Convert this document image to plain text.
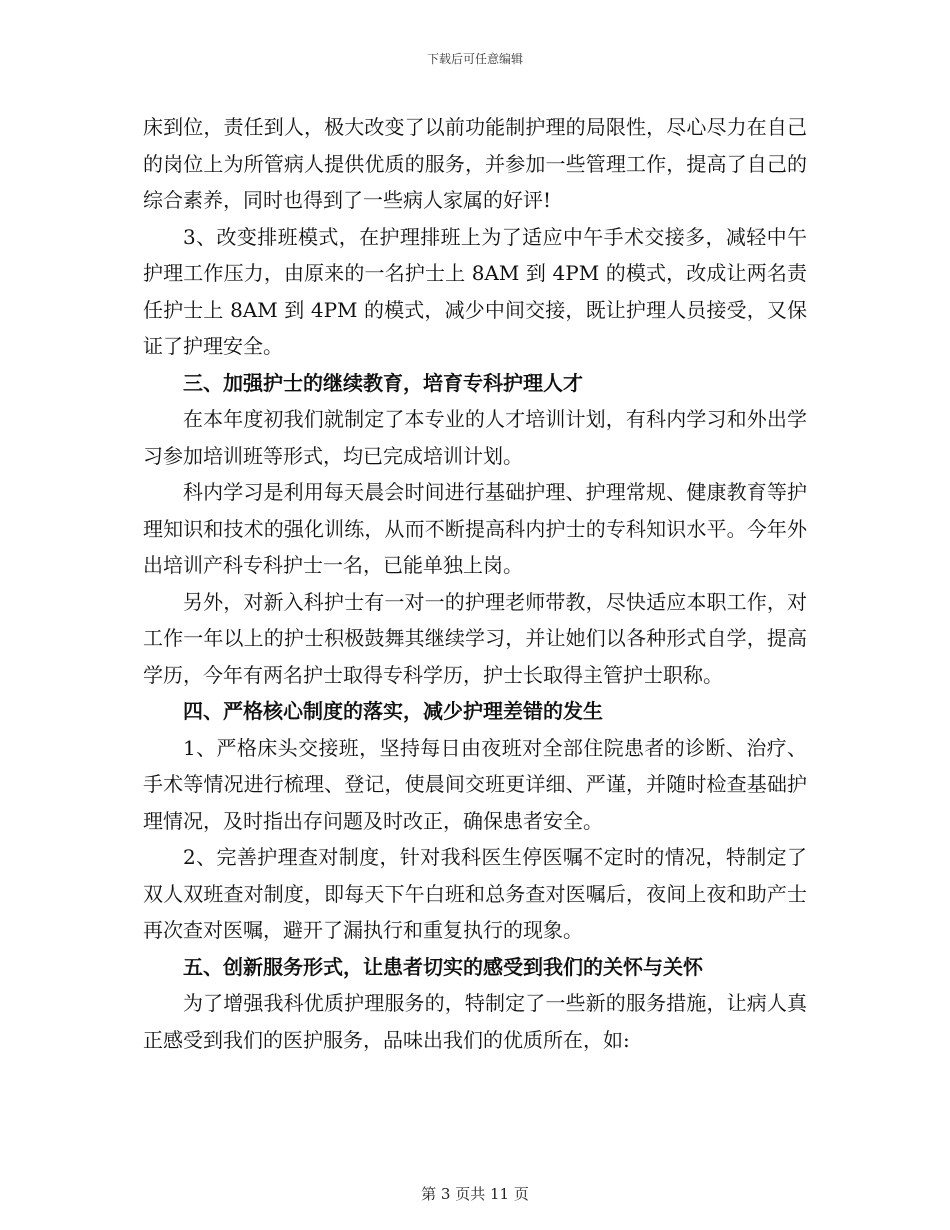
下载后可任意编辑

床到位，责任到人，极大改变了以前功能制护理的局限性，尽心尽力在自己的岗位上为所管病人提供优质的服务，并参加一些管理工作，提高了自己的综合素养，同时也得到了一些病人家属的好评!

3、改变排班模式，在护理排班上为了适应中午手术交接多，减轻中午护理工作压力，由原来的一名护士上 8AM 到 4PM 的模式，改成让两名责任护士上 8AM 到 4PM 的模式，减少中间交接，既让护理人员接受，又保证了护理安全。

三、加强护士的继续教育，培育专科护理人才

在本年度初我们就制定了本专业的人才培训计划，有科内学习和外出学习参加培训班等形式，均已完成培训计划。

科内学习是利用每天晨会时间进行基础护理、护理常规、健康教育等护理知识和技术的强化训练，从而不断提高科内护士的专科知识水平。今年外出培训产科专科护士一名，已能单独上岗。

另外，对新入科护士有一对一的护理老师带教，尽快适应本职工作，对工作一年以上的护士积极鼓舞其继续学习，并让她们以各种形式自学，提高学历，今年有两名护士取得专科学历，护士长取得主管护士职称。

四、严格核心制度的落实，减少护理差错的发生

1、严格床头交接班，坚持每日由夜班对全部住院患者的诊断、治疗、手术等情况进行梳理、登记，使晨间交班更详细、严谨，并随时检查基础护理情况，及时指出存问题及时改正，确保患者安全。

2、完善护理查对制度，针对我科医生停医嘱不定时的情况，特制定了双人双班查对制度，即每天下午白班和总务查对医嘱后，夜间上夜和助产士再次查对医嘱，避开了漏执行和重复执行的现象。

五、创新服务形式，让患者切实的感受到我们的关怀与关怀

为了增强我科优质护理服务的，特制定了一些新的服务措施，让病人真正感受到我们的医护服务，品味出我们的优质所在，如:

第 3 页共 11 页
